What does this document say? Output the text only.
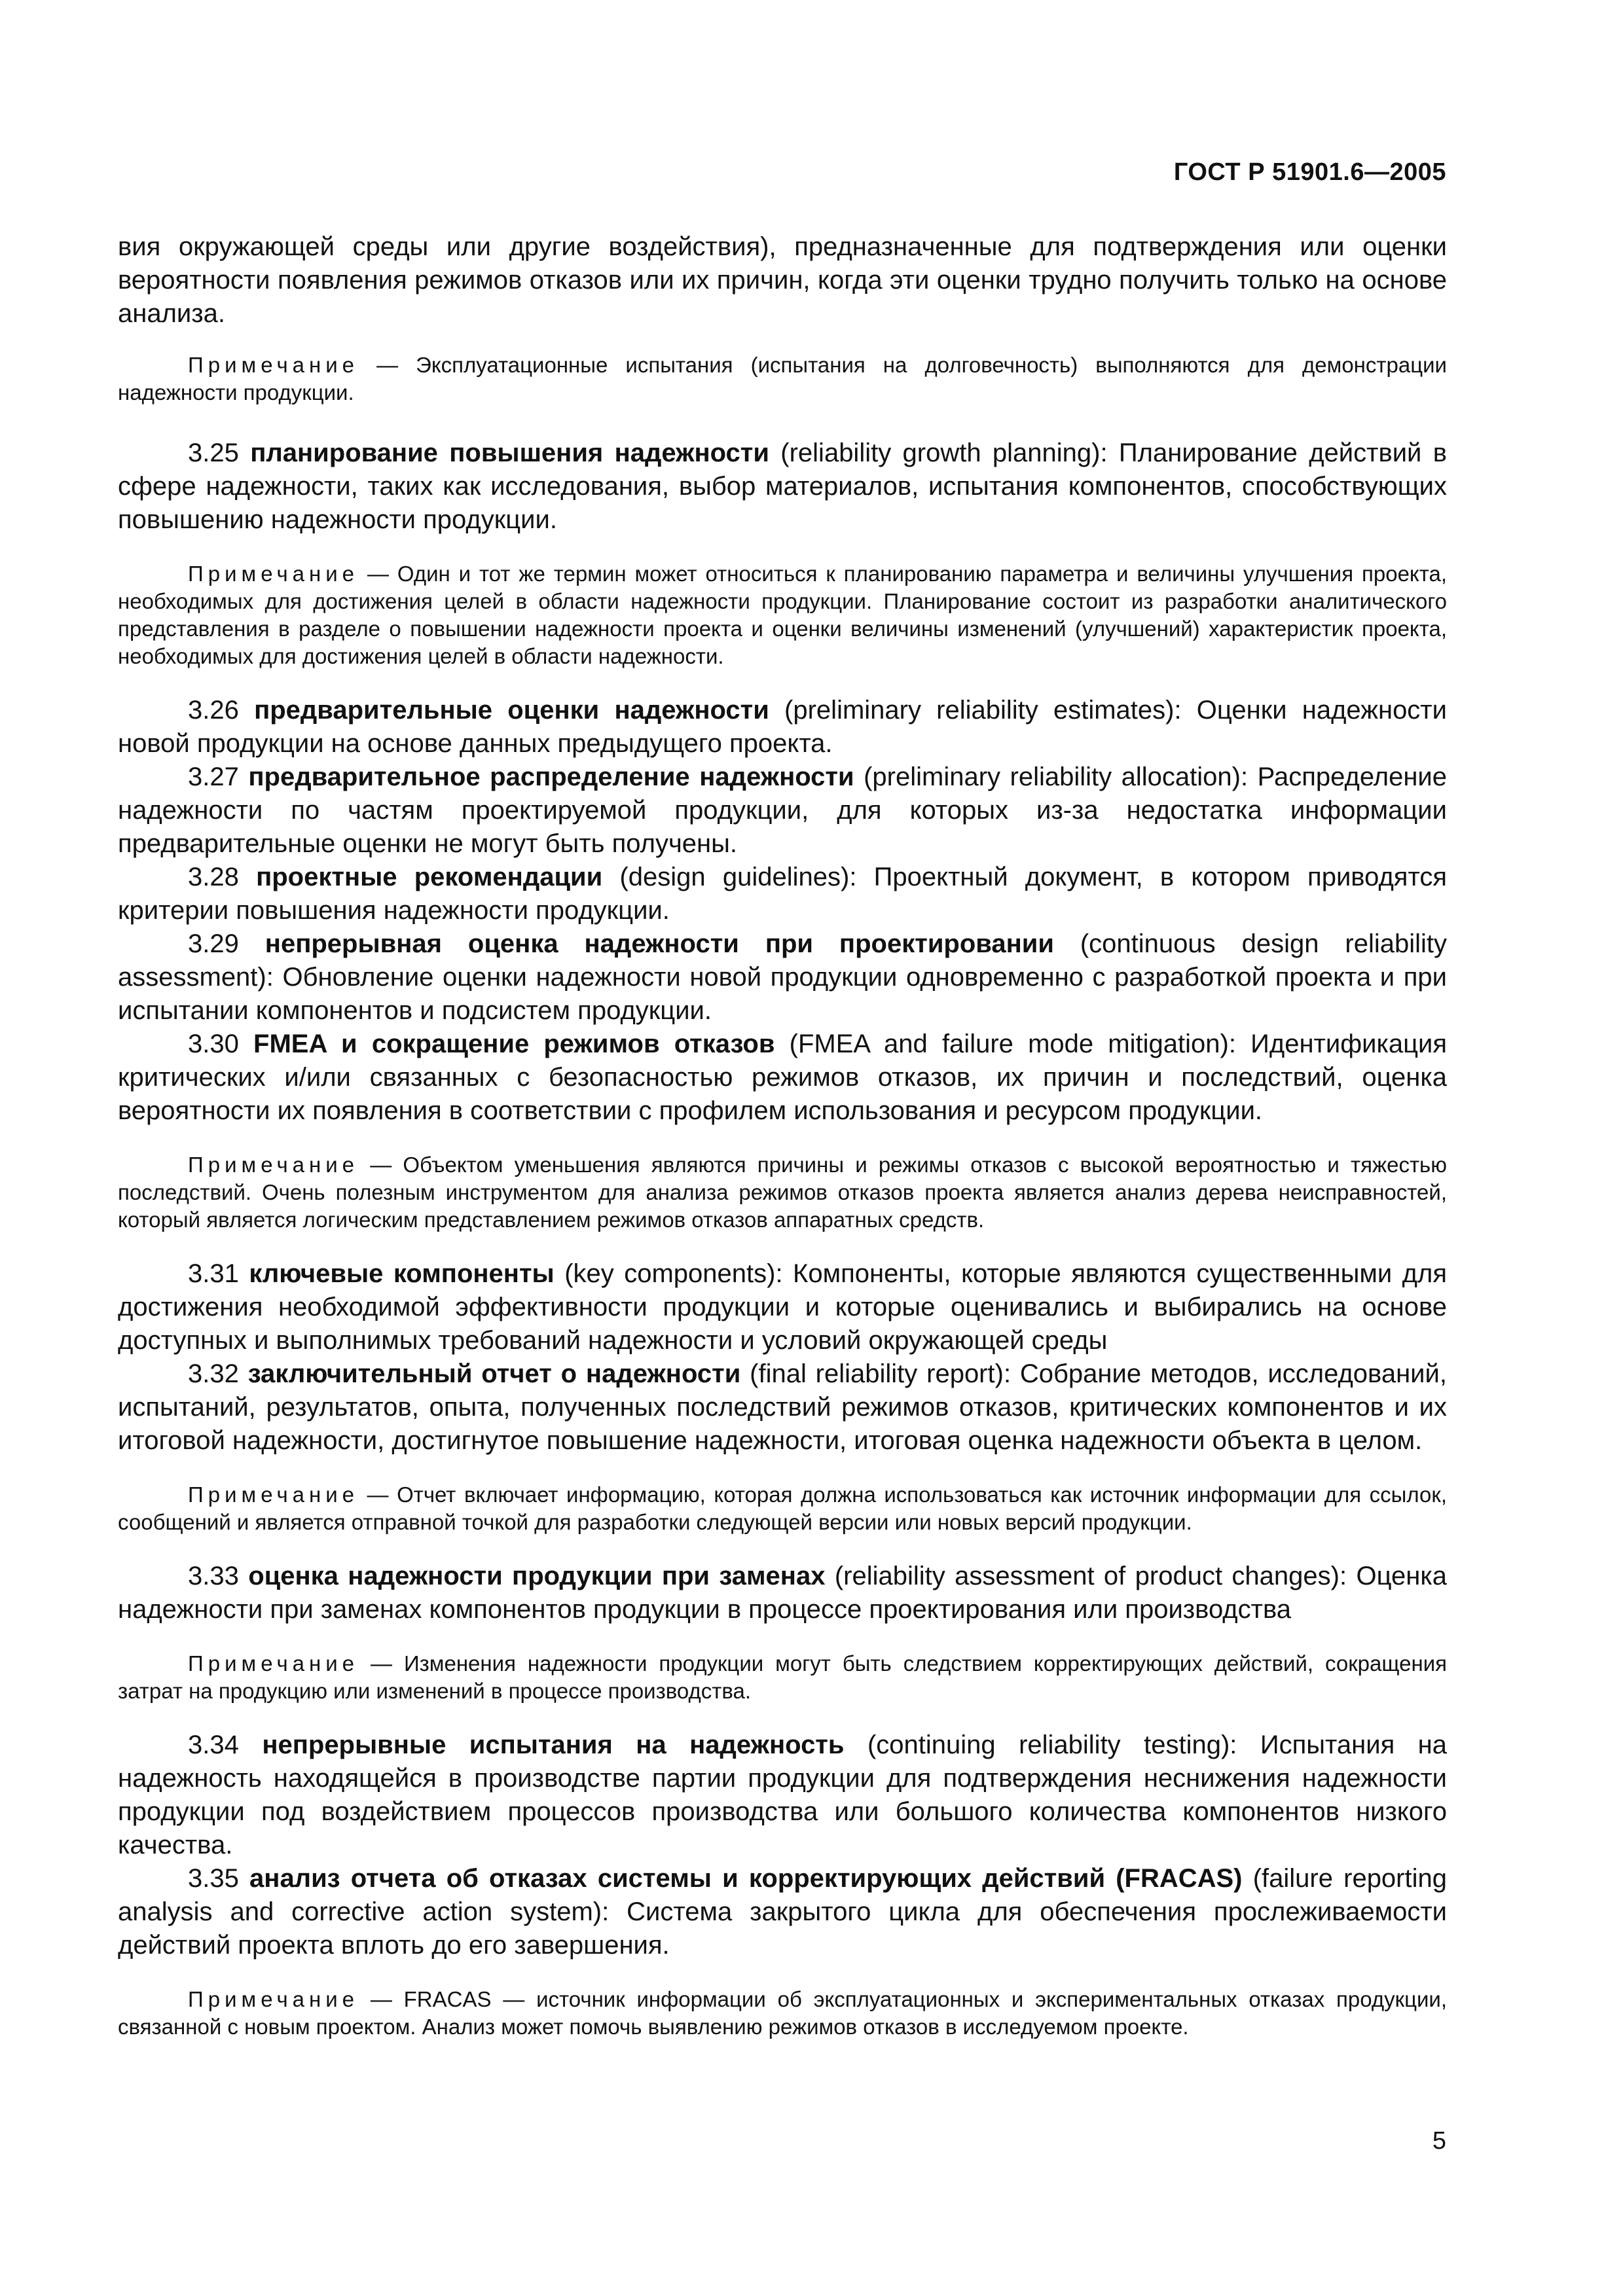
ГОСТ Р 51901.6—2005

вия окружающей среды или другие воздействия), предназначенные для подтверждения или оценки вероятности появления режимов отказов или их причин, когда эти оценки трудно получить только на основе анализа.

Примечание — Эксплуатационные испытания (испытания на долговечность) выполняются для демонстрации надежности продукции.

3.25 планирование повышения надежности (reliability growth planning): Планирование действий в сфере надежности, таких как исследования, выбор материалов, испытания компонентов, способствующих повышению надежности продукции.

Примечание — Один и тот же термин может относиться к планированию параметра и величины улучшения проекта, необходимых для достижения целей в области надежности продукции. Планирование состоит из разработки аналитического представления в разделе о повышении надежности проекта и оценки величины изменений (улучшений) характеристик проекта, необходимых для достижения целей в области надежности.

3.26 предварительные оценки надежности (preliminary reliability estimates): Оценки надежности новой продукции на основе данных предыдущего проекта.

3.27 предварительное распределение надежности (preliminary reliability allocation): Распределение надежности по частям проектируемой продукции, для которых из-за недостатка информации предварительные оценки не могут быть получены.

3.28 проектные рекомендации (design guidelines): Проектный документ, в котором приводятся критерии повышения надежности продукции.

3.29 непрерывная оценка надежности при проектировании (continuous design reliability assessment): Обновление оценки надежности новой продукции одновременно с разработкой проекта и при испытании компонентов и подсистем продукции.

3.30 FMEA и сокращение режимов отказов (FMEA and failure mode mitigation): Идентификация критических и/или связанных с безопасностью режимов отказов, их причин и последствий, оценка вероятности их появления в соответствии с профилем использования и ресурсом продукции.

Примечание — Объектом уменьшения являются причины и режимы отказов с высокой вероятностью и тяжестью последствий. Очень полезным инструментом для анализа режимов отказов проекта является анализ дерева неисправностей, который является логическим представлением режимов отказов аппаратных средств.

3.31 ключевые компоненты (key components): Компоненты, которые являются существенными для достижения необходимой эффективности продукции и которые оценивались и выбирались на основе доступных и выполнимых требований надежности и условий окружающей среды

3.32 заключительный отчет о надежности (final reliability report): Собрание методов, исследований, испытаний, результатов, опыта, полученных последствий режимов отказов, критических компонентов и их итоговой надежности, достигнутое повышение надежности, итоговая оценка надежности объекта в целом.

Примечание — Отчет включает информацию, которая должна использоваться как источник информации для ссылок, сообщений и является отправной точкой для разработки следующей версии или новых версий продукции.

3.33 оценка надежности продукции при заменах (reliability assessment of product changes): Оценка надежности при заменах компонентов продукции в процессе проектирования или производства

Примечание — Изменения надежности продукции могут быть следствием корректирующих действий, сокращения затрат на продукцию или изменений в процессе производства.

3.34 непрерывные испытания на надежность (continuing reliability testing): Испытания на надежность находящейся в производстве партии продукции для подтверждения неснижения надежности продукции под воздействием процессов производства или большого количества компонентов низкого качества.

3.35 анализ отчета об отказах системы и корректирующих действий (FRACAS) (failure reporting analysis and corrective action system): Система закрытого цикла для обеспечения прослеживаемости действий проекта вплоть до его завершения.

Примечание — FRACAS — источник информации об эксплуатационных и экспериментальных отказах продукции, связанной с новым проектом. Анализ может помочь выявлению режимов отказов в исследуемом проекте.

5
